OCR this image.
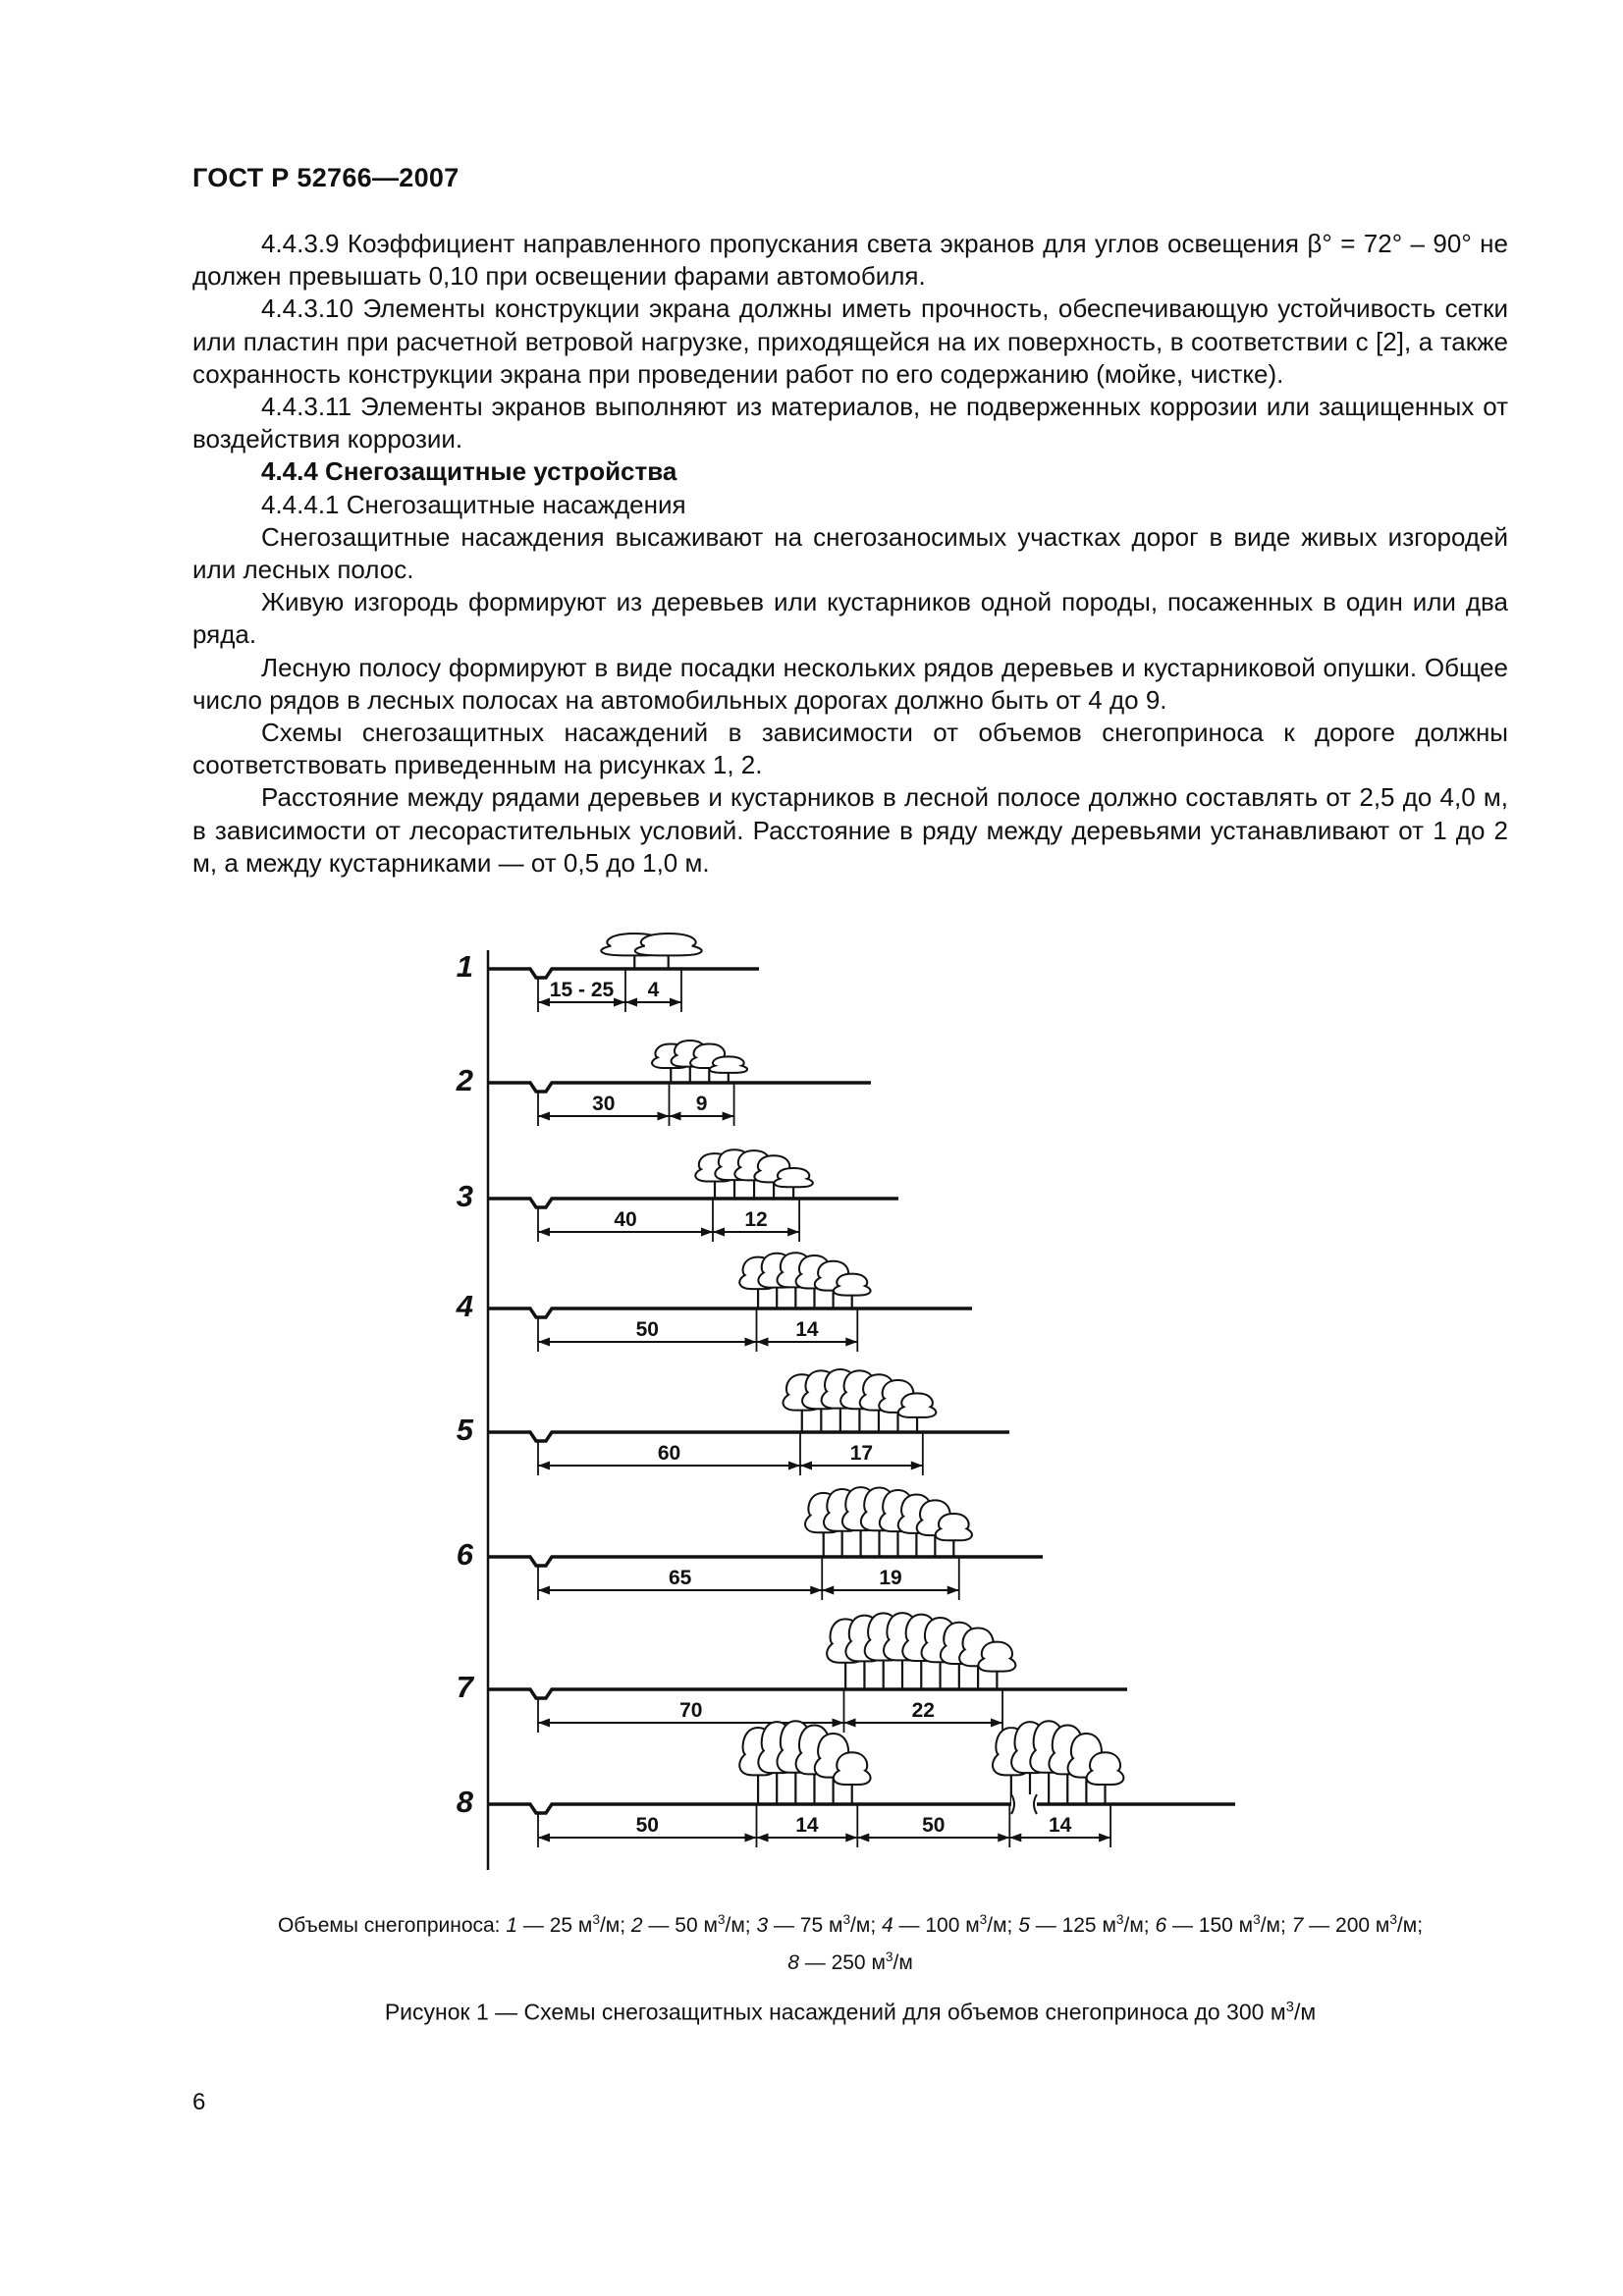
ГОСТ Р 52766—2007

4.4.3.9 Коэффициент направленного пропускания света экранов для углов освещения β° = 72° – 90° не должен превышать 0,10 при освещении фарами автомобиля.

4.4.3.10 Элементы конструкции экрана должны иметь прочность, обеспечивающую устойчивость сетки или пластин при расчетной ветровой нагрузке, приходящейся на их поверхность, в соответствии с [2], а также сохранность конструкции экрана при проведении работ по его содержанию (мойке, чистке).

4.4.3.11 Элементы экранов выполняют из материалов, не подверженных коррозии или защищенных от воздействия коррозии.

4.4.4 Снегозащитные устройства

4.4.4.1 Снегозащитные насаждения

Снегозащитные насаждения высаживают на снегозаносимых участках дорог в виде живых изгородей или лесных полос.

Живую изгородь формируют из деревьев или кустарников одной породы, посаженных в один или два ряда.

Лесную полосу формируют в виде посадки нескольких рядов деревьев и кустарниковой опушки. Общее число рядов в лесных полосах на автомобильных дорогах должно быть от 4 до 9.

Схемы снегозащитных насаждений в зависимости от объемов снегоприноса к дороге должны соответствовать приведенным на рисунках 1, 2.

Расстояние между рядами деревьев и кустарников в лесной полосе должно составлять от 2,5 до 4,0 м, в зависимости от лесорастительных условий. Расстояние в ряду между деревьями устанавливают от 1 до 2 м, а между кустарниками — от 0,5 до 1,0 м.

1
15 - 25 4
2
30	9
3
40	12
4
50	14
5
60	17
6
65	19
7
70	22
8
50	14	50	14
Объемы снегоприноса: 1 — 25 $м^3/м$; 2 — 50 $м^3/м$; 3 — 75 $м^3/м$; 4 — 100 $м^3/м$; 5 — 125 $м^3/м$; 6 — 150 $м^3/м$; 7 — 200 $м^3/м$;
8 — 250 $м^3/м$
Рисунок 1 — Схемы снегозащитных насаждений для объемов снегоприноса до 300 $м^3/м$
6
